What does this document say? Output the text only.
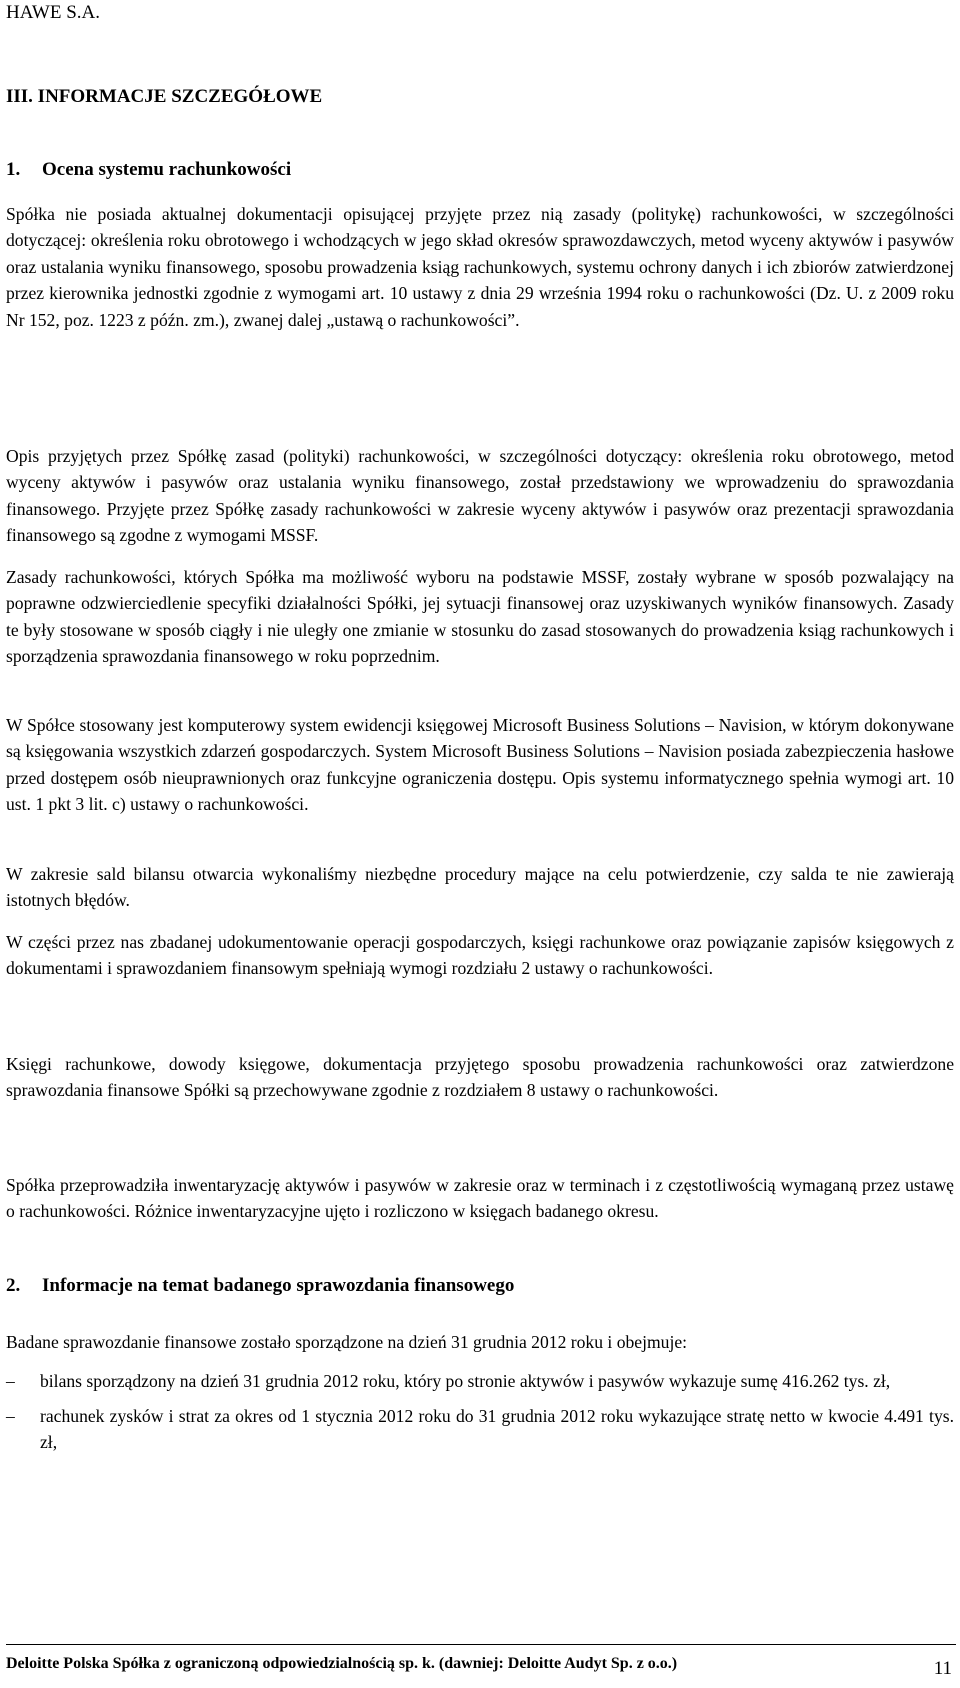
HAWE S.A.
III. INFORMACJE SZCZEGÓŁOWE
1. Ocena systemu rachunkowości

Spółka nie posiada aktualnej dokumentacji opisującej przyjęte przez nią zasady (politykę) rachunkowości, w szczególności dotyczącej: określenia roku obrotowego i wchodzących w jego skład okresów sprawozdawczych, metod wyceny aktywów i pasywów oraz ustalania wyniku finansowego, sposobu prowadzenia ksiąg rachunkowych, systemu ochrony danych i ich zbiorów zatwierdzonej przez kierownika jednostki zgodnie z wymogami art. 10 ustawy z dnia 29 września 1994 roku o rachunkowości (Dz. U. z 2009 roku Nr 152, poz. 1223 z późn. zm.), zwanej dalej „ustawą o rachunkowości”.

Opis przyjętych przez Spółkę zasad (polityki) rachunkowości, w szczególności dotyczący: określenia roku obrotowego, metod wyceny aktywów i pasywów oraz ustalania wyniku finansowego, został przedstawiony we wprowadzeniu do sprawozdania finansowego. Przyjęte przez Spółkę zasady rachunkowości w zakresie wyceny aktywów i pasywów oraz prezentacji sprawozdania finansowego są zgodne z wymogami MSSF.

Zasady rachunkowości, których Spółka ma możliwość wyboru na podstawie MSSF, zostały wybrane w sposób pozwalający na poprawne odzwierciedlenie specyfiki działalności Spółki, jej sytuacji finansowej oraz uzyskiwanych wyników finansowych. Zasady te były stosowane w sposób ciągły i nie uległy one zmianie w stosunku do zasad stosowanych do prowadzenia ksiąg rachunkowych i sporządzenia sprawozdania finansowego w roku poprzednim.

W Spółce stosowany jest komputerowy system ewidencji księgowej Microsoft Business Solutions – Navision, w którym dokonywane są księgowania wszystkich zdarzeń gospodarczych. System Microsoft Business Solutions – Navision posiada zabezpieczenia hasłowe przed dostępem osób nieuprawnionych oraz funkcyjne ograniczenia dostępu. Opis systemu informatycznego spełnia wymogi art. 10 ust. 1 pkt 3 lit. c) ustawy o rachunkowości.

W zakresie sald bilansu otwarcia wykonaliśmy niezbędne procedury mające na celu potwierdzenie, czy salda te nie zawierają istotnych błędów.

W części przez nas zbadanej udokumentowanie operacji gospodarczych, księgi rachunkowe oraz powiązanie zapisów księgowych z dokumentami i sprawozdaniem finansowym spełniają wymogi rozdziału 2 ustawy o rachunkowości.

Księgi rachunkowe, dowody księgowe, dokumentacja przyjętego sposobu prowadzenia rachunkowości oraz zatwierdzone sprawozdania finansowe Spółki są przechowywane zgodnie z rozdziałem 8 ustawy o rachunkowości.

Spółka przeprowadziła inwentaryzację aktywów i pasywów w zakresie oraz w terminach i z częstotliwością wymaganą przez ustawę o rachunkowości. Różnice inwentaryzacyjne ujęto i rozliczono w księgach badanego okresu.

2. Informacje na temat badanego sprawozdania finansowego

Badane sprawozdanie finansowe zostało sporządzone na dzień 31 grudnia 2012 roku i obejmuje:

– bilans sporządzony na dzień 31 grudnia 2012 roku, który po stronie aktywów i pasywów wykazuje sumę 416.262 tys. zł,
– rachunek zysków i strat za okres od 1 stycznia 2012 roku do 31 grudnia 2012 roku wykazujące stratę netto w kwocie 4.491 tys. zł,
Deloitte Polska Spółka z ograniczoną odpowiedzialnością sp. k. (dawniej: Deloitte Audyt Sp. z o.o.)	11
